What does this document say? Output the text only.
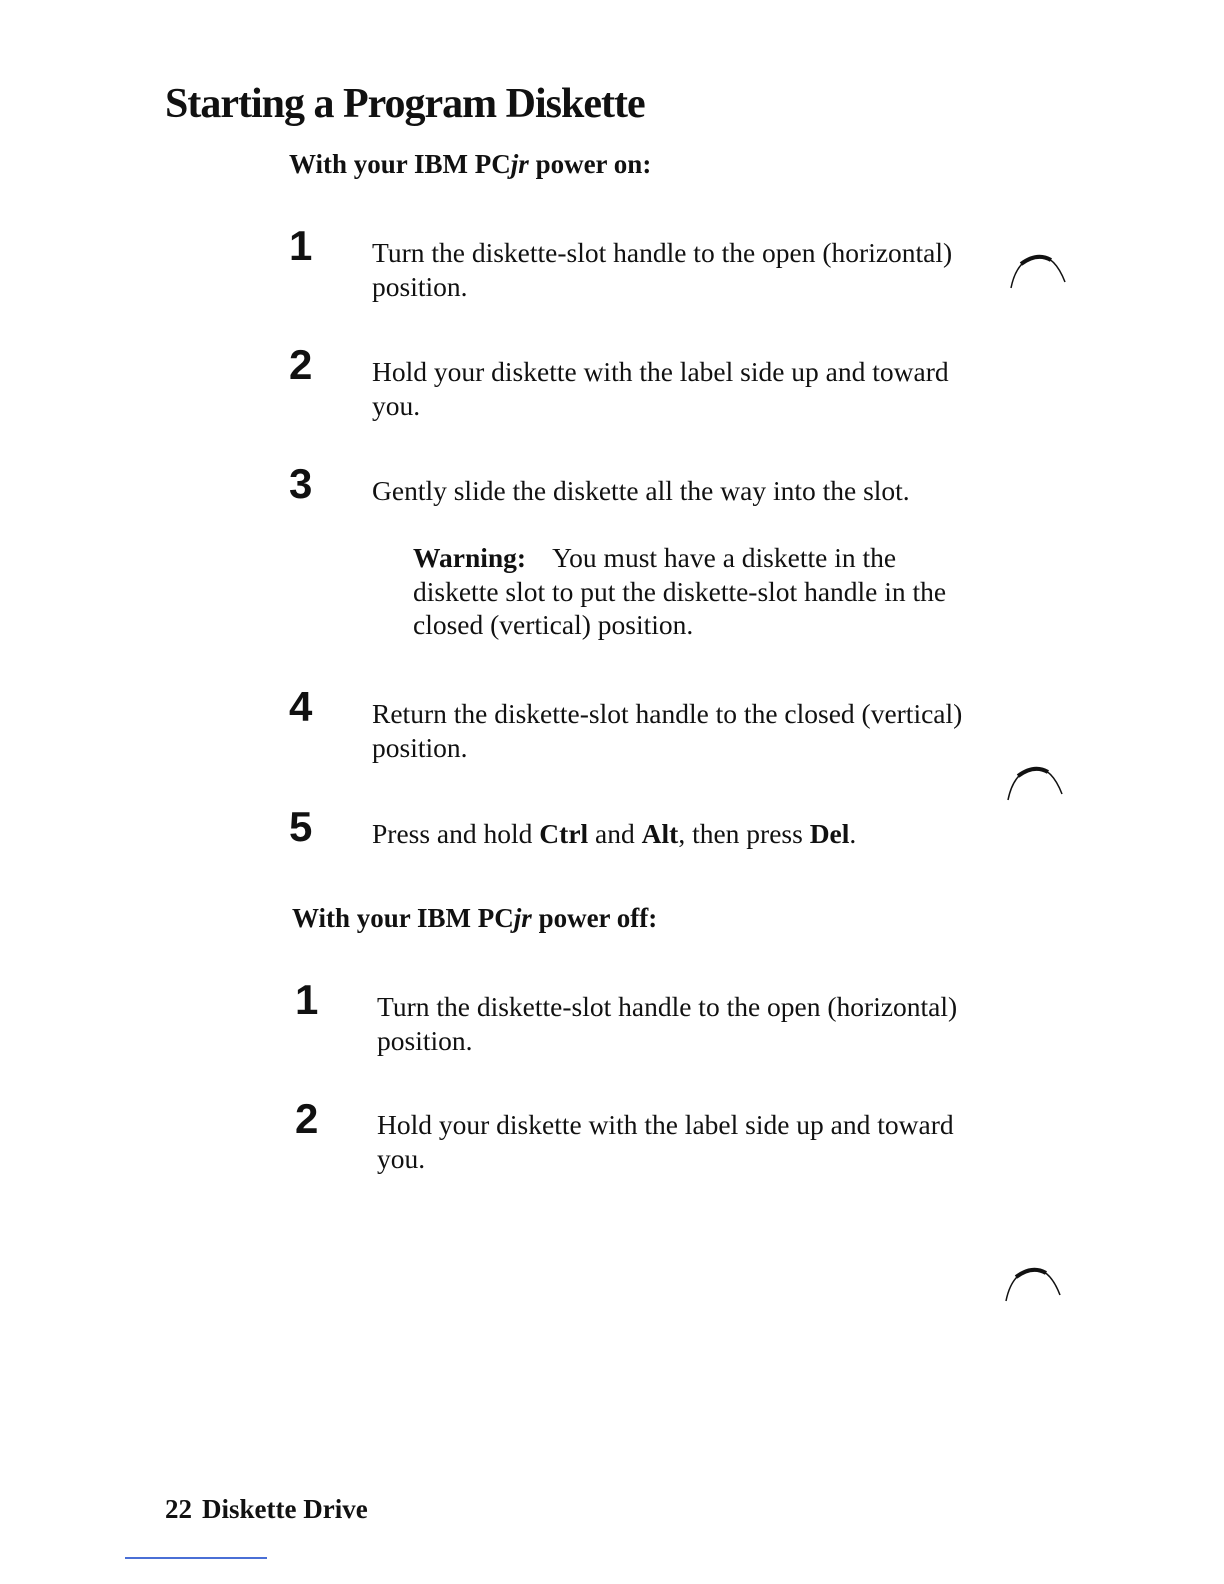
Starting a Program Diskette
With your IBM PCjr power on:
1 Turn the diskette-slot handle to the open (horizontal) position.
2 Hold your diskette with the label side up and toward you.
3 Gently slide the diskette all the way into the slot.
Warning: You must have a diskette in the diskette slot to put the diskette-slot handle in the closed (vertical) position.
4 Return the diskette-slot handle to the closed (vertical) position.
5 Press and hold Ctrl and Alt, then press Del.
With your IBM PCjr power off:
1 Turn the diskette-slot handle to the open (horizontal) position.
2 Hold your diskette with the label side up and toward you.
22 Diskette Drive
